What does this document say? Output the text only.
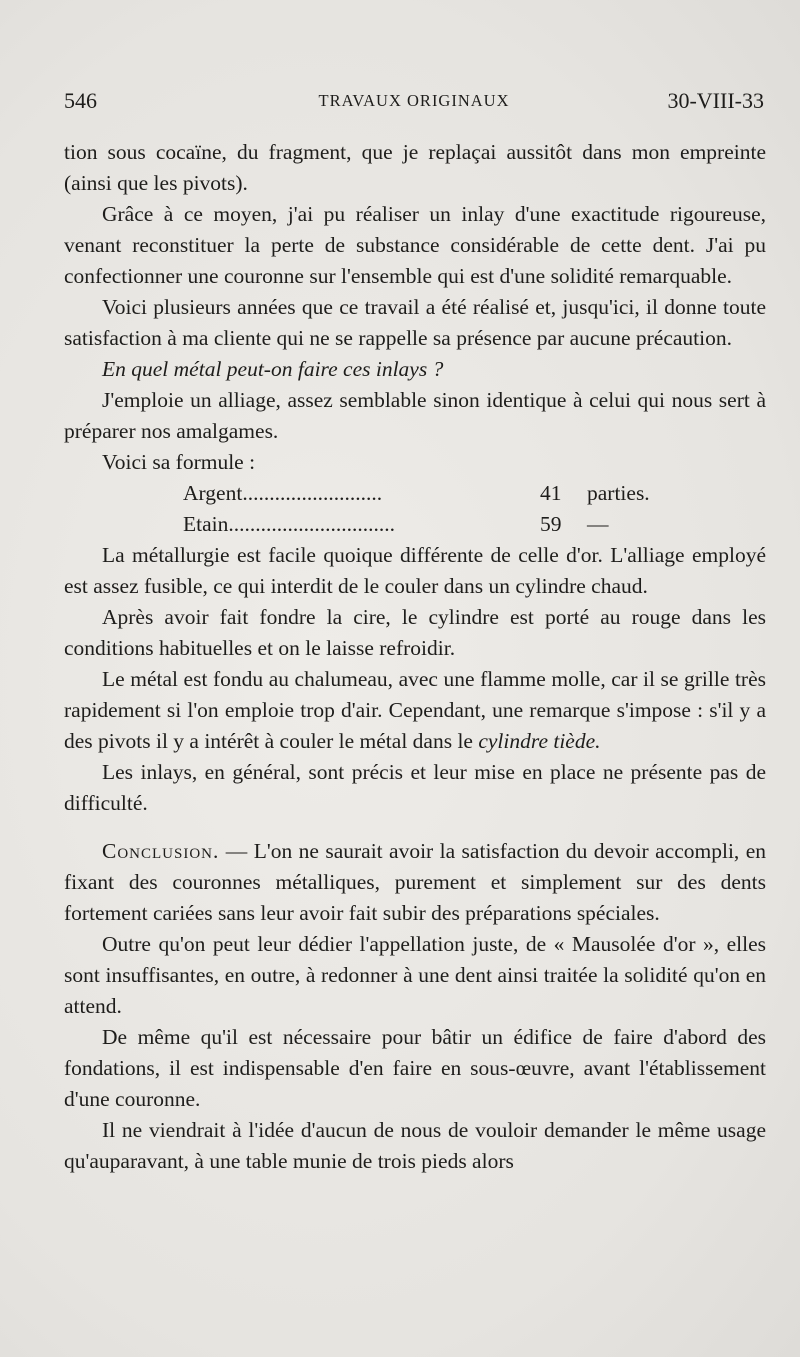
546	TRAVAUX ORIGINAUX	30-VIII-33

tion sous cocaïne, du fragment, que je replaçai aussitôt dans mon empreinte (ainsi que les pivots).

Grâce à ce moyen, j'ai pu réaliser un inlay d'une exactitude rigoureuse, venant reconstituer la perte de substance considérable de cette dent. J'ai pu confectionner une couronne sur l'ensemble qui est d'une solidité remarquable.

Voici plusieurs années que ce travail a été réalisé et, jusqu'ici, il donne toute satisfaction à ma cliente qui ne se rappelle sa présence par aucune précaution.

En quel métal peut-on faire ces inlays ?

J'emploie un alliage, assez semblable sinon identique à celui qui nous sert à préparer nos amalgames.

Voici sa formule :

Argent..........................	41	parties.
Etain...............................	59	—

La métallurgie est facile quoique différente de celle d'or. L'alliage employé est assez fusible, ce qui interdit de le couler dans un cylindre chaud.

Après avoir fait fondre la cire, le cylindre est porté au rouge dans les conditions habituelles et on le laisse refroidir.

Le métal est fondu au chalumeau, avec une flamme molle, car il se grille très rapidement si l'on emploie trop d'air. Cependant, une remarque s'impose : s'il y a des pivots il y a intérêt à couler le métal dans le cylindre tiède.

Les inlays, en général, sont précis et leur mise en place ne présente pas de difficulté.

Conclusion. — L'on ne saurait avoir la satisfaction du devoir accompli, en fixant des couronnes métalliques, purement et simplement sur des dents fortement cariées sans leur avoir fait subir des préparations spéciales.

Outre qu'on peut leur dédier l'appellation juste, de « Mausolée d'or », elles sont insuffisantes, en outre, à redonner à une dent ainsi traitée la solidité qu'on en attend.

De même qu'il est nécessaire pour bâtir un édifice de faire d'abord des fondations, il est indispensable d'en faire en sous-œuvre, avant l'établissement d'une couronne.

Il ne viendrait à l'idée d'aucun de nous de vouloir demander le même usage qu'auparavant, à une table munie de trois pieds alors
